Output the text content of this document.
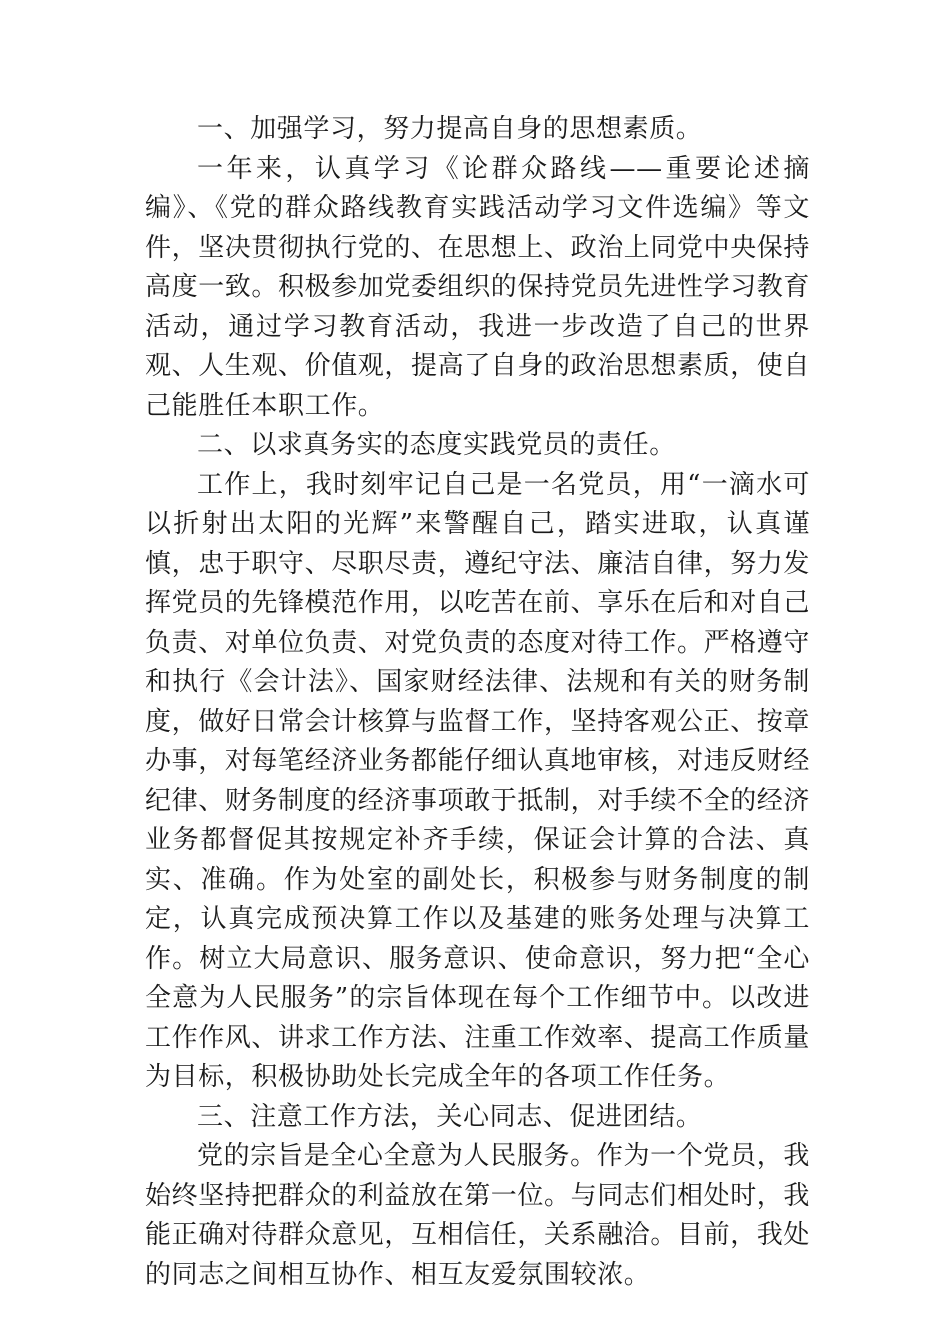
一、加强学习，努力提高自身的思想素质。

一年来，认真学习《论群众路线——重要论述摘编》、《党的群众路线教育实践活动学习文件选编》等文件，坚决贯彻执行党的、在思想上、政治上同党中央保持高度一致。积极参加党委组织的保持党员先进性学习教育活动，通过学习教育活动，我进一步改造了自己的世界观、人生观、价值观，提高了自身的政治思想素质，使自己能胜任本职工作。

二、以求真务实的态度实践党员的责任。

工作上，我时刻牢记自己是一名党员，用“一滴水可以折射出太阳的光辉”来警醒自己，踏实进取，认真谨慎，忠于职守、尽职尽责，遵纪守法、廉洁自律，努力发挥党员的先锋模范作用，以吃苦在前、享乐在后和对自己负责、对单位负责、对党负责的态度对待工作。严格遵守和执行《会计法》、国家财经法律、法规和有关的财务制度，做好日常会计核算与监督工作，坚持客观公正、按章办事，对每笔经济业务都能仔细认真地审核，对违反财经纪律、财务制度的经济事项敢于抵制，对手续不全的经济业务都督促其按规定补齐手续，保证会计算的合法、真实、准确。作为处室的副处长，积极参与财务制度的制定，认真完成预决算工作以及基建的账务处理与决算工作。树立大局意识、服务意识、使命意识，努力把“全心全意为人民服务”的宗旨体现在每个工作细节中。以改进工作作风、讲求工作方法、注重工作效率、提高工作质量为目标，积极协助处长完成全年的各项工作任务。

三、注意工作方法，关心同志、促进团结。

党的宗旨是全心全意为人民服务。作为一个党员，我始终坚持把群众的利益放在第一位。与同志们相处时，我能正确对待群众意见，互相信任，关系融洽。目前，我处的同志之间相互协作、相互友爱氛围较浓。
